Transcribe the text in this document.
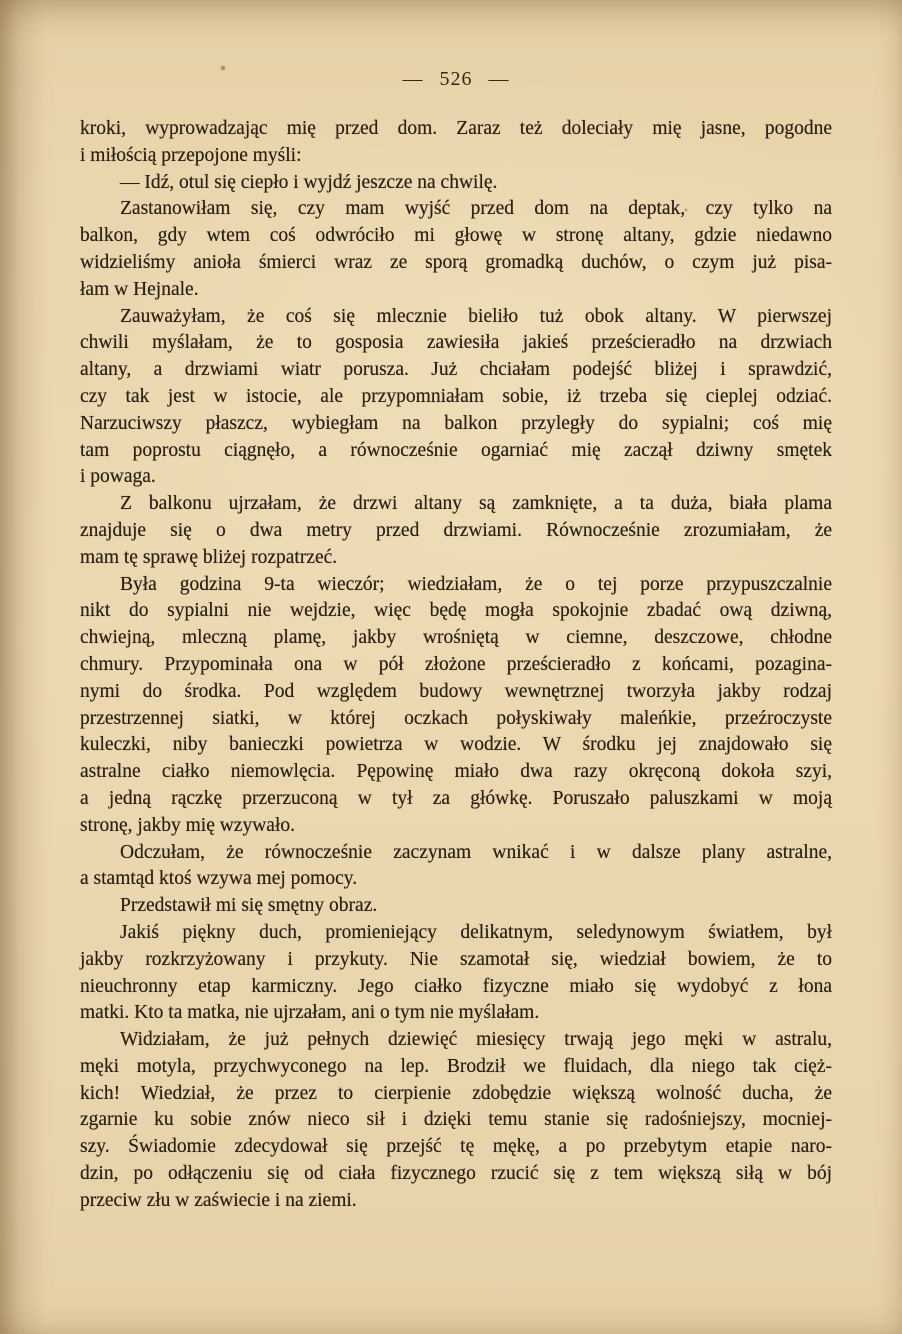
— 526 —
kroki, wyprowadzając mię przed dom. Zaraz też doleciały mię jasne, pogodne
i miłością przepojone myśli:
— Idź, otul się ciepło i wyjdź jeszcze na chwilę.
Zastanowiłam się, czy mam wyjść przed dom na deptak, czy tylko na
balkon, gdy wtem coś odwróciło mi głowę w stronę altany, gdzie niedawno
widzieliśmy anioła śmierci wraz ze sporą gromadką duchów, o czym już pisa-
łam w Hejnale.
Zauważyłam, że coś się mlecznie bieliło tuż obok altany. W pierwszej
chwili myślałam, że to gosposia zawiesiła jakieś prześcieradło na drzwiach
altany, a drzwiami wiatr porusza. Już chciałam podejść bliżej i sprawdzić,
czy tak jest w istocie, ale przypomniałam sobie, iż trzeba się cieplej odziać.
Narzuciwszy płaszcz, wybiegłam na balkon przyległy do sypialni; coś mię
tam poprostu ciągnęło, a równocześnie ogarniać mię zaczął dziwny smętek
i powaga.
Z balkonu ujrzałam, że drzwi altany są zamknięte, a ta duża, biała plama
znajduje się o dwa metry przed drzwiami. Równocześnie zrozumiałam, że
mam tę sprawę bliżej rozpatrzeć.
Była godzina 9-ta wieczór; wiedziałam, że o tej porze przypuszczalnie
nikt do sypialni nie wejdzie, więc będę mogła spokojnie zbadać ową dziwną,
chwiejną, mleczną plamę, jakby wrośniętą w ciemne, deszczowe, chłodne
chmury. Przypominała ona w pół złożone prześcieradło z końcami, pozagina-
nymi do środka. Pod względem budowy wewnętrznej tworzyła jakby rodzaj
przestrzennej siatki, w której oczkach połyskiwały maleńkie, przeźroczyste
kuleczki, niby banieczki powietrza w wodzie. W środku jej znajdowało się
astralne ciałko niemowlęcia. Pępowinę miało dwa razy okręconą dokoła szyi,
a jedną rączkę przerzuconą w tył za główkę. Poruszało paluszkami w moją
stronę, jakby mię wzywało.
Odczułam, że równocześnie zaczynam wnikać i w dalsze plany astralne,
a stamtąd ktoś wzywa mej pomocy.
Przedstawił mi się smętny obraz.
Jakiś piękny duch, promieniejący delikatnym, seledynowym światłem, był
jakby rozkrzyżowany i przykuty. Nie szamotał się, wiedział bowiem, że to
nieuchronny etap karmiczny. Jego ciałko fizyczne miało się wydobyć z łona
matki. Kto ta matka, nie ujrzałam, ani o tym nie myślałam.
Widziałam, że już pełnych dziewięć miesięcy trwają jego męki w astralu,
męki motyla, przychwyconego na lep. Brodził we fluidach, dla niego tak cięż-
kich! Wiedział, że przez to cierpienie zdobędzie większą wolność ducha, że
zgarnie ku sobie znów nieco sił i dzięki temu stanie się radośniejszy, mocniej-
szy. Świadomie zdecydował się przejść tę mękę, a po przebytym etapie naro-
dzin, po odłączeniu się od ciała fizycznego rzucić się z tem większą siłą w bój
przeciw złu w zaświecie i na ziemi.
